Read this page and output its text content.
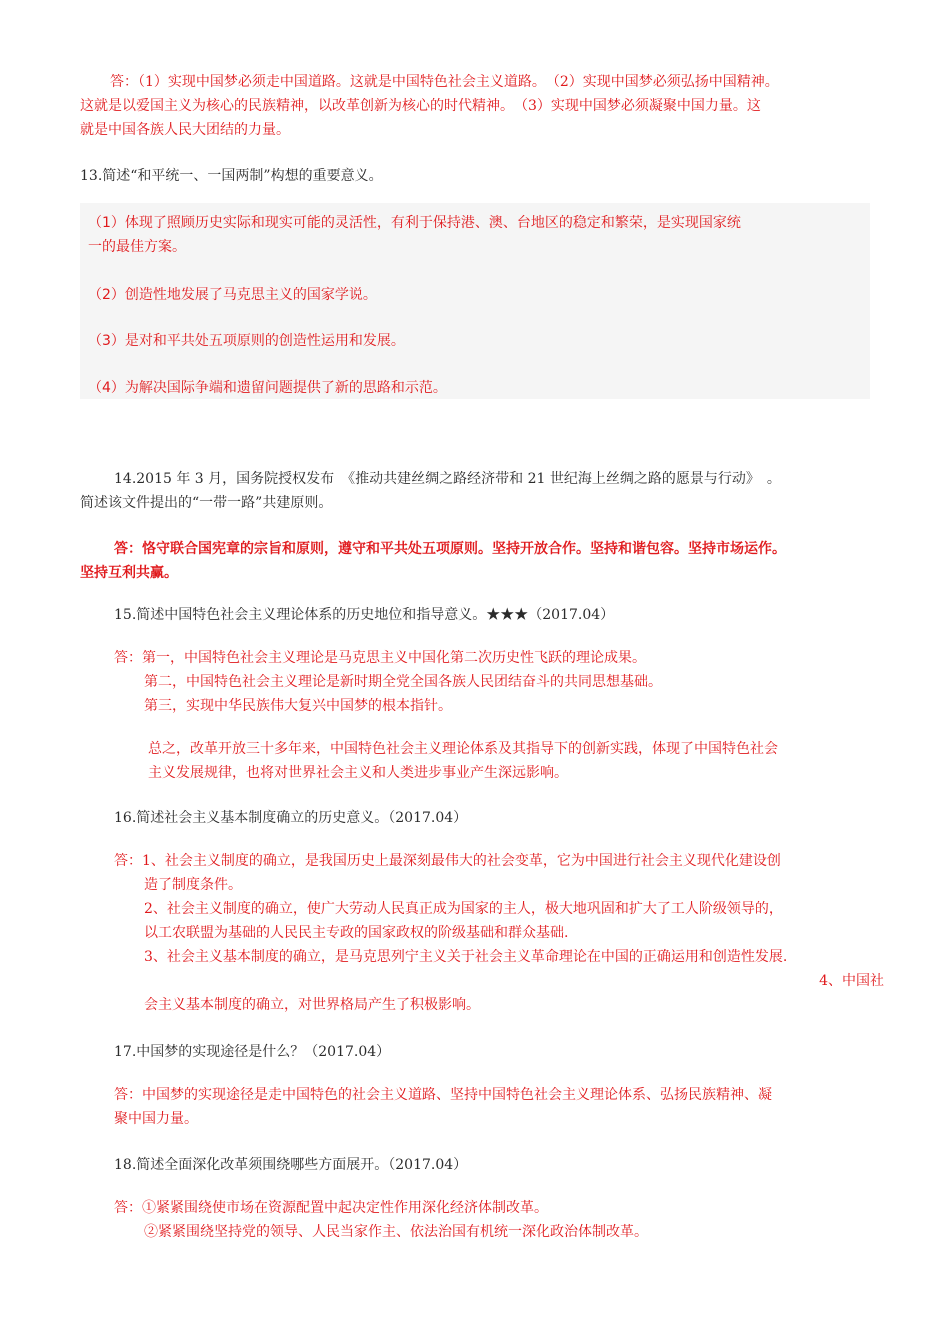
答：（1）实现中国梦必须走中国道路。这就是中国特色社会主义道路。　（2）实现中国梦必须弘扬中国精神。
这就是以爱国主义为核心的民族精神，以改革创新为核心的时代精神。　（3）实现中国梦必须凝聚中国力量。这
就是中国各族人民大团结的力量。
13.简述“和平统一、一国两制”构想的重要意义。
（1）体现了照顾历史实际和现实可能的灵活性，有利于保持港、澳、台地区的稳定和繁荣，是实现国家统
一的最佳方案。
（2）创造性地发展了马克思主义的国家学说。
（3）是对和平共处五项原则的创造性运用和发展。
（4）为解决国际争端和遗留问题提供了新的思路和示范。
14.2015 年 3 月，国务院授权发布　《推动共建丝绸之路经济带和 21 世纪海上丝绸之路的愿景与行动》　。
简述该文件提出的“一带一路”共建原则。
答：恪守联合国宪章的宗旨和原则，遵守和平共处五项原则。坚持开放合作。坚持和谐包容。坚持市场运作。
坚持互利共赢。
15.简述中国特色社会主义理论体系的历史地位和指导意义。★★★（2017.04）
答：第一，中国特色社会主义理论是马克思主义中国化第二次历史性飞跃的理论成果。
第二，中国特色社会主义理论是新时期全党全国各族人民团结奋斗的共同思想基础。
第三，实现中华民族伟大复兴中国梦的根本指针。
总之，改革开放三十多年来，中国特色社会主义理论体系及其指导下的创新实践，体现了中国特色社会
主义发展规律，也将对世界社会主义和人类进步事业产生深远影响。
16.简述社会主义基本制度确立的历史意义。（2017.04）
答：1、社会主义制度的确立，是我国历史上最深刻最伟大的社会变革，它为中国进行社会主义现代化建设创
造了制度条件。
2、社会主义制度的确立，使广大劳动人民真正成为国家的主人，极大地巩固和扩大了工人阶级领导的，
以工农联盟为基础的人民民主专政的国家政权的阶级基础和群众基础.
3、社会主义基本制度的确立，是马克思列宁主义关于社会主义革命理论在中国的正确运用和创造性发展.
4、中国社
会主义基本制度的确立，对世界格局产生了积极影响。
17.中国梦的实现途径是什么？（2017.04）
答：中国梦的实现途径是走中国特色的社会主义道路、坚持中国特色社会主义理论体系、弘扬民族精神、凝
聚中国力量。
18.简述全面深化改革须围绕哪些方面展开。（2017.04）
答：①紧紧围绕使市场在资源配置中起决定性作用深化经济体制改革。
②紧紧围绕坚持党的领导、人民当家作主、依法治国有机统一深化政治体制改革。
